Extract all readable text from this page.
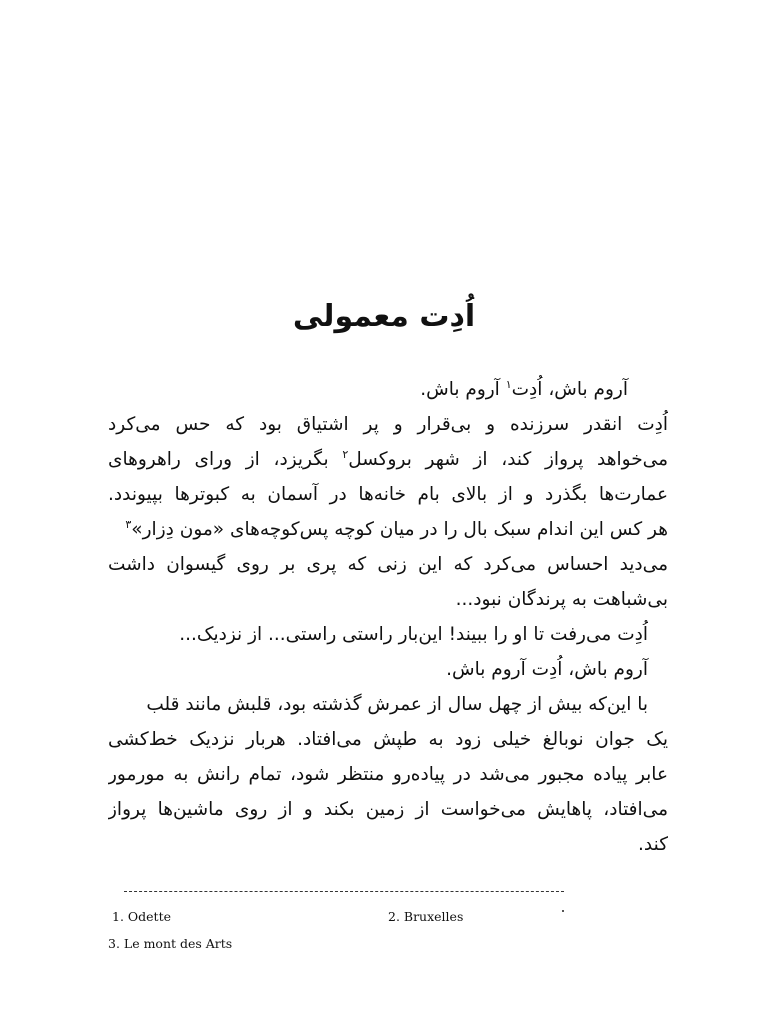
اُدِت معمولی
آروم باش، اُدِت$^۱$ آروم باش.
اُدِت انقدر سرزنده و بی‌قرار و پر اشتیاق بود که حس می‌کرد
می‌خواهد پرواز کند، از شهر بروکسل$^۲$ بگریزد، از ورای راهروهای
عمارت‌ها بگذرد و از بالای بام خانه‌ها در آسمان به کبوترها بپیوندد.
هر کس این اندام سبک بال را در میان کوچه پس‌کوچه‌های «مون دِزار»$^۳$
می‌دید احساس می‌کرد که این زنی که پری بر روی گیسوان داشت
بی‌شباهت به پرندگان نبود...
اُدِت می‌رفت تا او را ببیند! این‌بار راستی راستی... از نزدیک...
آروم باش، اُدِت آروم باش.
با این‌که بیش از چهل سال از عمرش گذشته بود، قلبش مانند قلب
یک جوان نوبالغ خیلی زود به طپش می‌افتاد. هربار نزدیک خط‌کشی
عابر پیاده مجبور می‌شد در پیاده‌رو منتظر شود، تمام رانش به مورمور
می‌افتاد، پاهایش می‌خواست از زمین بکند و از روی ماشین‌ها پرواز
کند.
1. Odette	2. Bruxelles
3. Le mont des Arts
